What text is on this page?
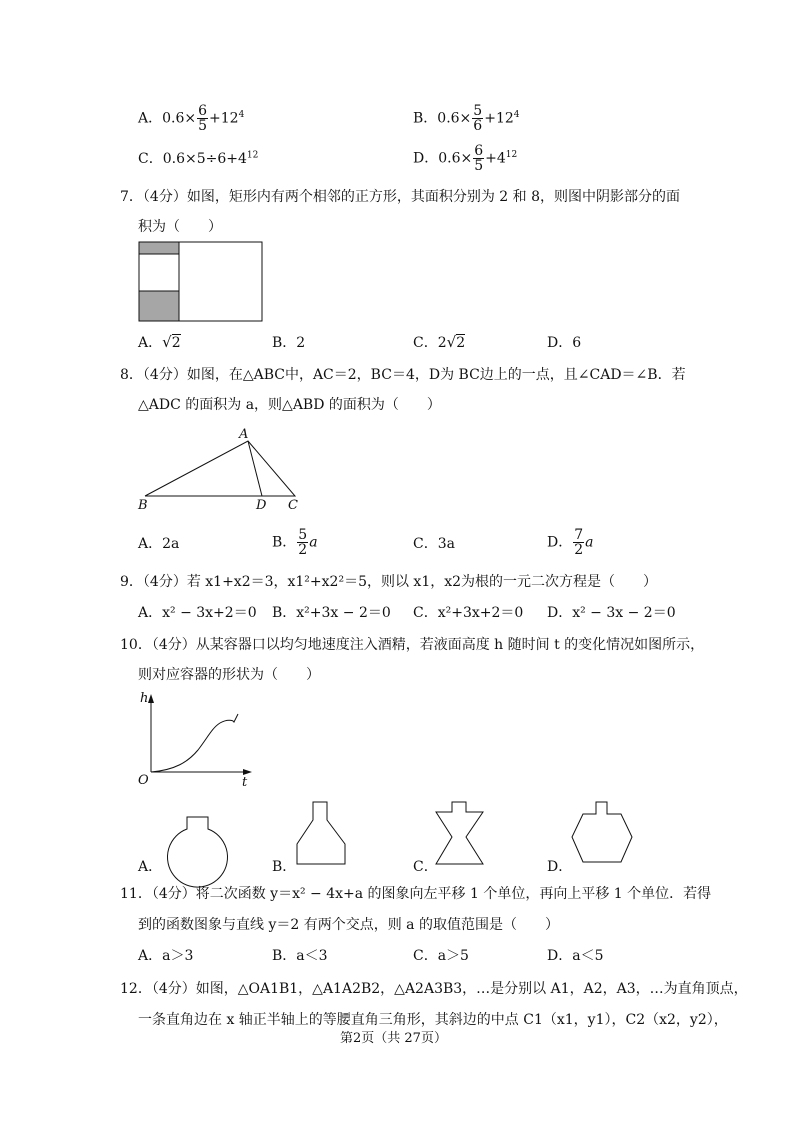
A．$0.6\times \frac{6}{5} +12^4$	B．$0.6\times \frac{5}{6} +12^4$
C．$0.6\times 5\div 6+4^{12}$	D．$0.6\times \frac{6}{5} +4^{12}$
7．（4分）如图，矩形内有两个相邻的正方形，其面积分别为 2 和 8，则图中阴影部分的面
积为（　　）
A．√2	B．2	C．2√2	D．6
8．（4分）如图，在△ABC中，AC＝2，BC＝4，D为 BC边上的一点，且∠CAD＝∠B．若
△ADC 的面积为 a，则△ABD 的面积为（　　）
A
B	D C
A．2a	B． $\frac{5}{2}$ a	C．3a	D． $\frac{7}{2}$ a
9．（4分）若 x1+x2＝3，x1²+x2²＝5，则以 x1，x2为根的一元二次方程是（　　）
A．x² − 3x+2＝0 B．x²+3x − 2＝0 C．x²+3x+2＝0 D．x² − 3x − 2＝0
10．（4分）从某容器口以均匀地速度注入酒精，若液面高度 h 随时间 t 的变化情况如图所示，
则对应容器的形状为（　　）
h
t
O
A．	B．	C．	D．
11．（4分）将二次函数 y＝x² − 4x+a 的图象向左平移 1 个单位，再向上平移 1 个单位．若得
到的函数图象与直线 y＝2 有两个交点，则 a 的取值范围是（　　）
A．a＞3	B．a＜3	C．a＞5	D．a＜5
12．（4分）如图，△OA1B1，△A1A2B2，△A2A3B3，…是分别以 A1，A2，A3，…为直角顶点，
一条直角边在 x 轴正半轴上的等腰直角三角形，其斜边的中点 C1（x1，y1），C2（x2，y2），
第2页（共 27页）
